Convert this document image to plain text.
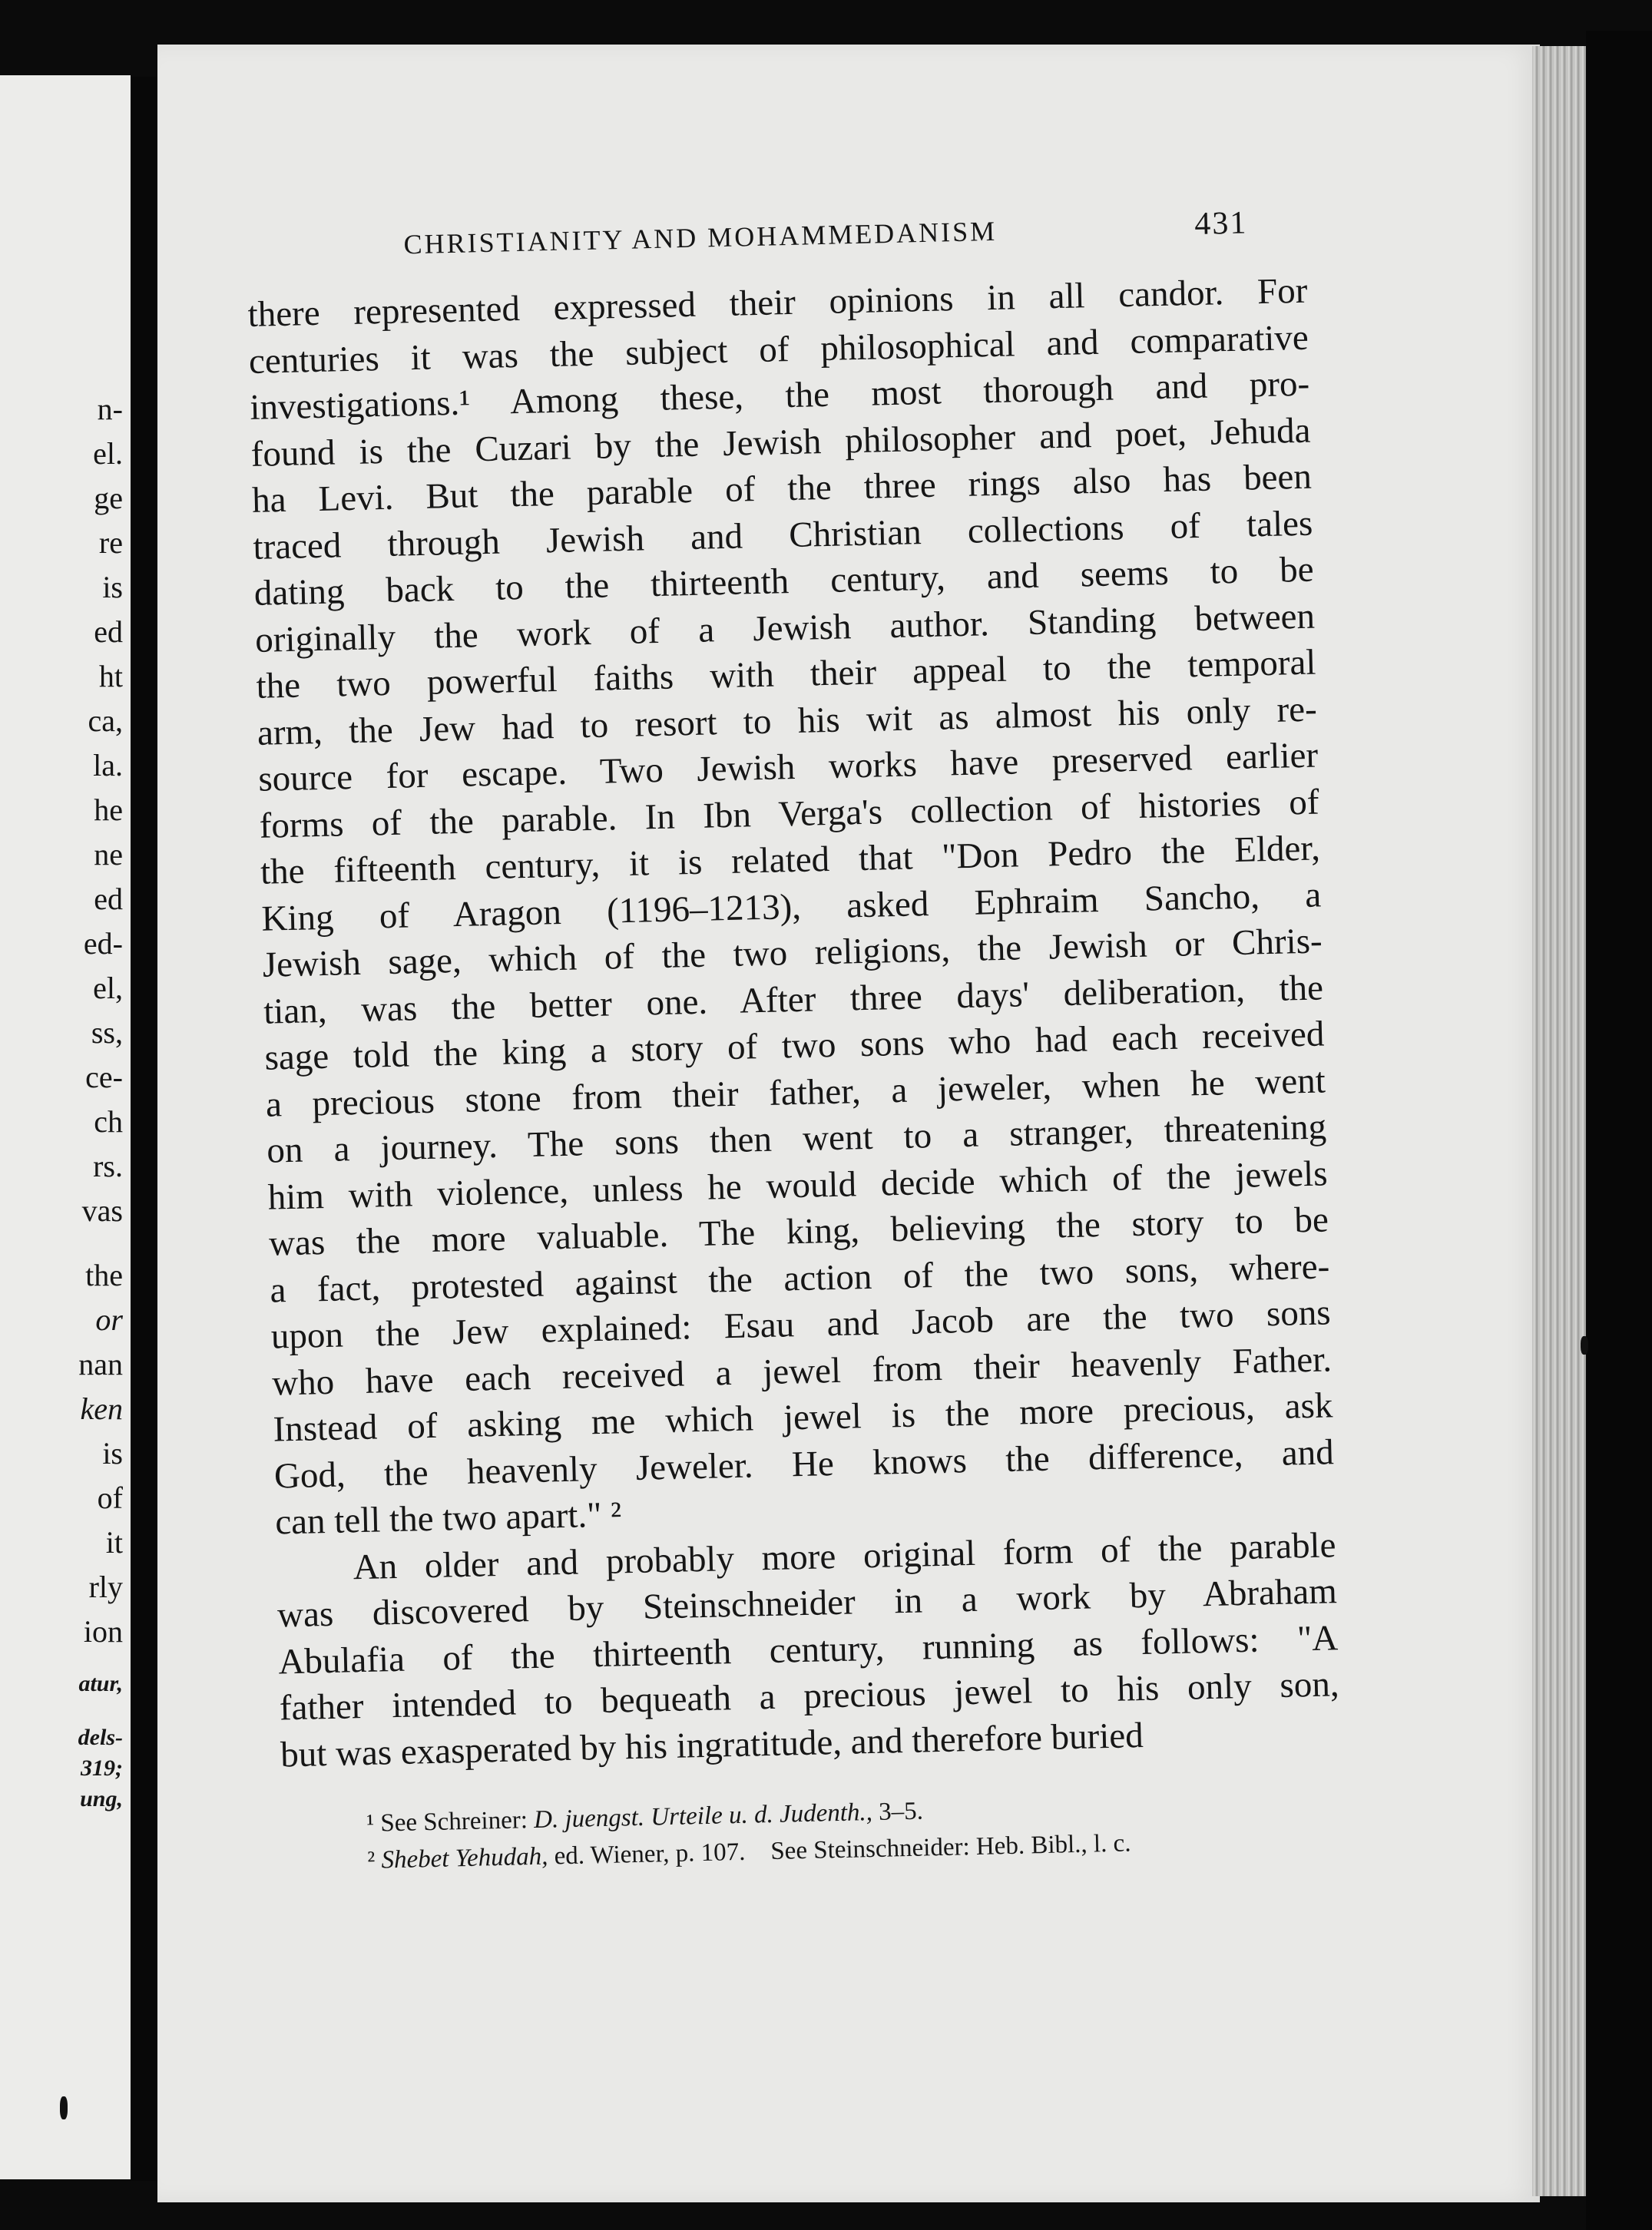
n-
el.
ge
re
is
ed
ht
ca,
la.
he
ne
ed
ed-
el,
ss,
ce-
ch
rs.
vas
the
or
nan
ken
is
of
it
rly
ion
atur,
dels-
319;
ung,
CHRISTIANITY AND MOHAMMEDANISM	431
there represented expressed their opinions in all candor. For
centuries it was the subject of philosophical and comparative
investigations.¹ Among these, the most thorough and pro-
found is the Cuzari by the Jewish philosopher and poet, Jehuda
ha Levi. But the parable of the three rings also has been
traced through Jewish and Christian collections of tales
dating back to the thirteenth century, and seems to be
originally the work of a Jewish author. Standing between
the two powerful faiths with their appeal to the temporal
arm, the Jew had to resort to his wit as almost his only re-
source for escape. Two Jewish works have preserved earlier
forms of the parable. In Ibn Verga's collection of histories of
the fifteenth century, it is related that "Don Pedro the Elder,
King of Aragon (1196–1213), asked Ephraim Sancho, a
Jewish sage, which of the two religions, the Jewish or Chris-
tian, was the better one. After three days' deliberation, the
sage told the king a story of two sons who had each received
a precious stone from their father, a jeweler, when he went
on a journey. The sons then went to a stranger, threatening
him with violence, unless he would decide which of the jewels
was the more valuable. The king, believing the story to be
a fact, protested against the action of the two sons, where-
upon the Jew explained: Esau and Jacob are the two sons
who have each received a jewel from their heavenly Father.
Instead of asking me which jewel is the more precious, ask
God, the heavenly Jeweler. He knows the difference, and
can tell the two apart." ²
An older and probably more original form of the parable
was discovered by Steinschneider in a work by Abraham
Abulafia of the thirteenth century, running as follows: "A
father intended to bequeath a precious jewel to his only son,
but was exasperated by his ingratitude, and therefore buried
¹ See Schreiner: D. juengst. Urteile u. d. Judenth., 3–5.
² Shebet Yehudah, ed. Wiener, p. 107. See Steinschneider: Heb. Bibl., l. c.
